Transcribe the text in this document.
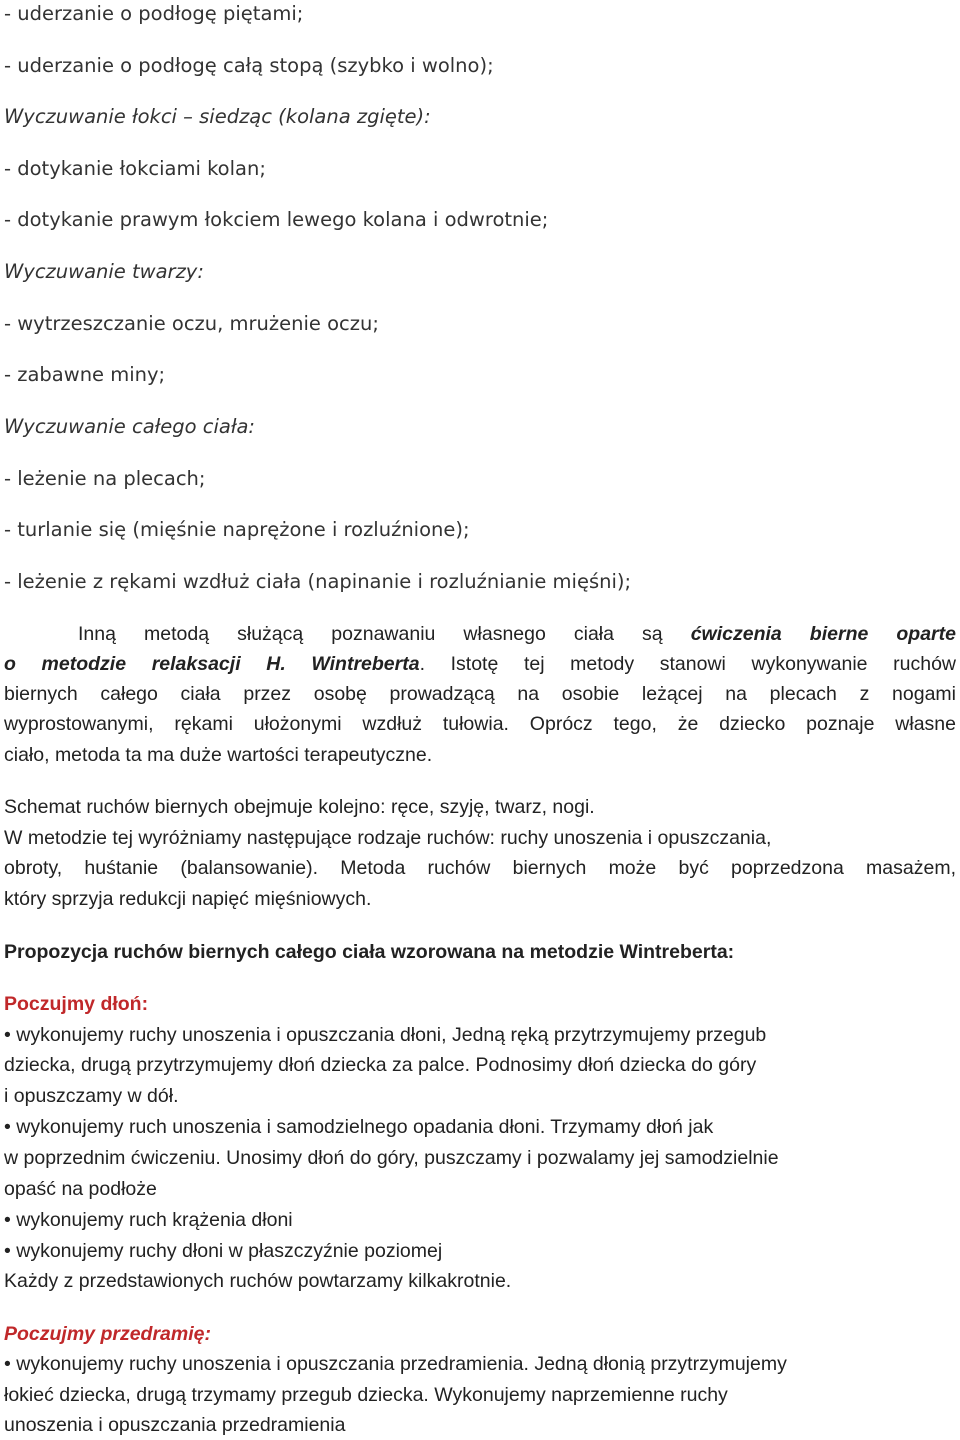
- uderzanie o podłogę piętami;
- uderzanie o podłogę całą stopą (szybko i wolno);
Wyczuwanie łokci – siedząc (kolana zgięte):
- dotykanie łokciami kolan;
- dotykanie prawym łokciem lewego kolana i odwrotnie;
Wyczuwanie twarzy:
- wytrzeszczanie oczu, mrużenie oczu;
- zabawne miny;
Wyczuwanie całego ciała:
- leżenie na plecach;
- turlanie się (mięśnie naprężone i rozluźnione);
- leżenie z rękami wzdłuż ciała (napinanie i rozluźnianie mięśni);
Inną metodą służącą poznawaniu własnego ciała są ćwiczenia bierne oparte
o metodzie relaksacji H. Wintreberta. Istotę tej metody stanowi wykonywanie ruchów
biernych całego ciała przez osobę prowadzącą na osobie leżącej na plecach z nogami
wyprostowanymi, rękami ułożonymi wzdłuż tułowia. Oprócz tego, że dziecko poznaje własne
ciało, metoda ta ma duże wartości terapeutyczne.
Schemat ruchów biernych obejmuje kolejno: ręce, szyję, twarz, nogi.
W metodzie tej wyróżniamy następujące rodzaje ruchów: ruchy unoszenia i opuszczania,
obroty, huśtanie (balansowanie). Metoda ruchów biernych może być poprzedzona masażem,
który sprzyja redukcji napięć mięśniowych.
Propozycja ruchów biernych całego ciała wzorowana na metodzie Wintreberta:
Poczujmy dłoń:
• wykonujemy ruchy unoszenia i opuszczania dłoni, Jedną ręką przytrzymujemy przegub
dziecka, drugą przytrzymujemy dłoń dziecka za palce. Podnosimy dłoń dziecka do góry
i opuszczamy w dół.
• wykonujemy ruch unoszenia i samodzielnego opadania dłoni. Trzymamy dłoń jak
w poprzednim ćwiczeniu. Unosimy dłoń do góry, puszczamy i pozwalamy jej samodzielnie
opaść na podłoże
• wykonujemy ruch krążenia dłoni
• wykonujemy ruchy dłoni w płaszczyźnie poziomej
Każdy z przedstawionych ruchów powtarzamy kilkakrotnie.
Poczujmy przedramię:
• wykonujemy ruchy unoszenia i opuszczania przedramienia. Jedną dłonią przytrzymujemy
łokieć dziecka, drugą trzymamy przegub dziecka. Wykonujemy naprzemienne ruchy
unoszenia i opuszczania przedramienia
